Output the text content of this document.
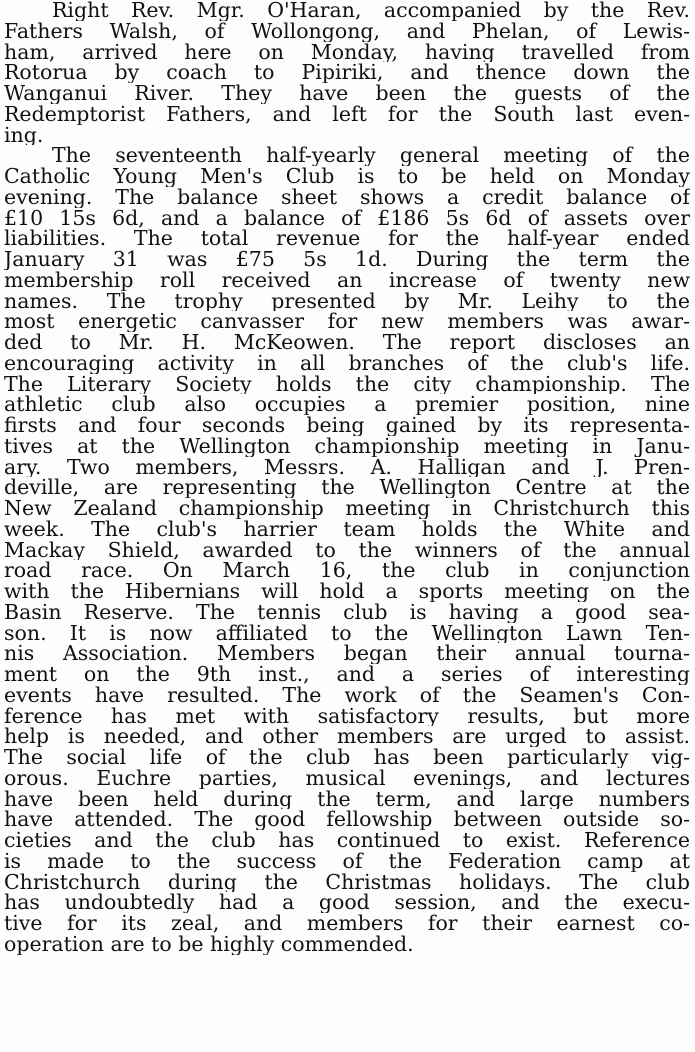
Right Rev. Mgr. O'Haran, accompanied by the Rev.
Fathers Walsh, of Wollongong, and Phelan, of Lewis-
ham, arrived here on Monday, having travelled from
Rotorua by coach to Pipiriki, and thence down the
Wanganui River. They have been the guests of the
Redemptorist Fathers, and left for the South last even-
ing.
The seventeenth half-yearly general meeting of the
Catholic Young Men's Club is to be held on Monday
evening. The balance sheet shows a credit balance of
£10 15s 6d, and a balance of £186 5s 6d of assets over
liabilities. The total revenue for the half-year ended
January 31 was £75 5s 1d. During the term the
membership roll received an increase of twenty new
names. The trophy presented by Mr. Leihy to the
most energetic canvasser for new members was awar-
ded to Mr. H. McKeowen. The report discloses an
encouraging activity in all branches of the club's life.
The Literary Society holds the city championship. The
athletic club also occupies a premier position, nine
firsts and four seconds being gained by its representa-
tives at the Wellington championship meeting in Janu-
ary. Two members, Messrs. A. Halligan and J. Pren-
deville, are representing the Wellington Centre at the
New Zealand championship meeting in Christchurch this
week. The club's harrier team holds the White and
Mackay Shield, awarded to the winners of the annual
road race. On March 16, the club in conjunction
with the Hibernians will hold a sports meeting on the
Basin Reserve. The tennis club is having a good sea-
son. It is now affiliated to the Wellington Lawn Ten-
nis Association. Members began their annual tourna-
ment on the 9th inst., and a series of interesting
events have resulted. The work of the Seamen's Con-
ference has met with satisfactory results, but more
help is needed, and other members are urged to assist.
The social life of the club has been particularly vig-
orous. Euchre parties, musical evenings, and lectures
have been held during the term, and large numbers
have attended. The good fellowship between outside so-
cieties and the club has continued to exist. Reference
is made to the success of the Federation camp at
Christchurch during the Christmas holidays. The club
has undoubtedly had a good session, and the execu-
tive for its zeal, and members for their earnest co-
operation are to be highly commended.
